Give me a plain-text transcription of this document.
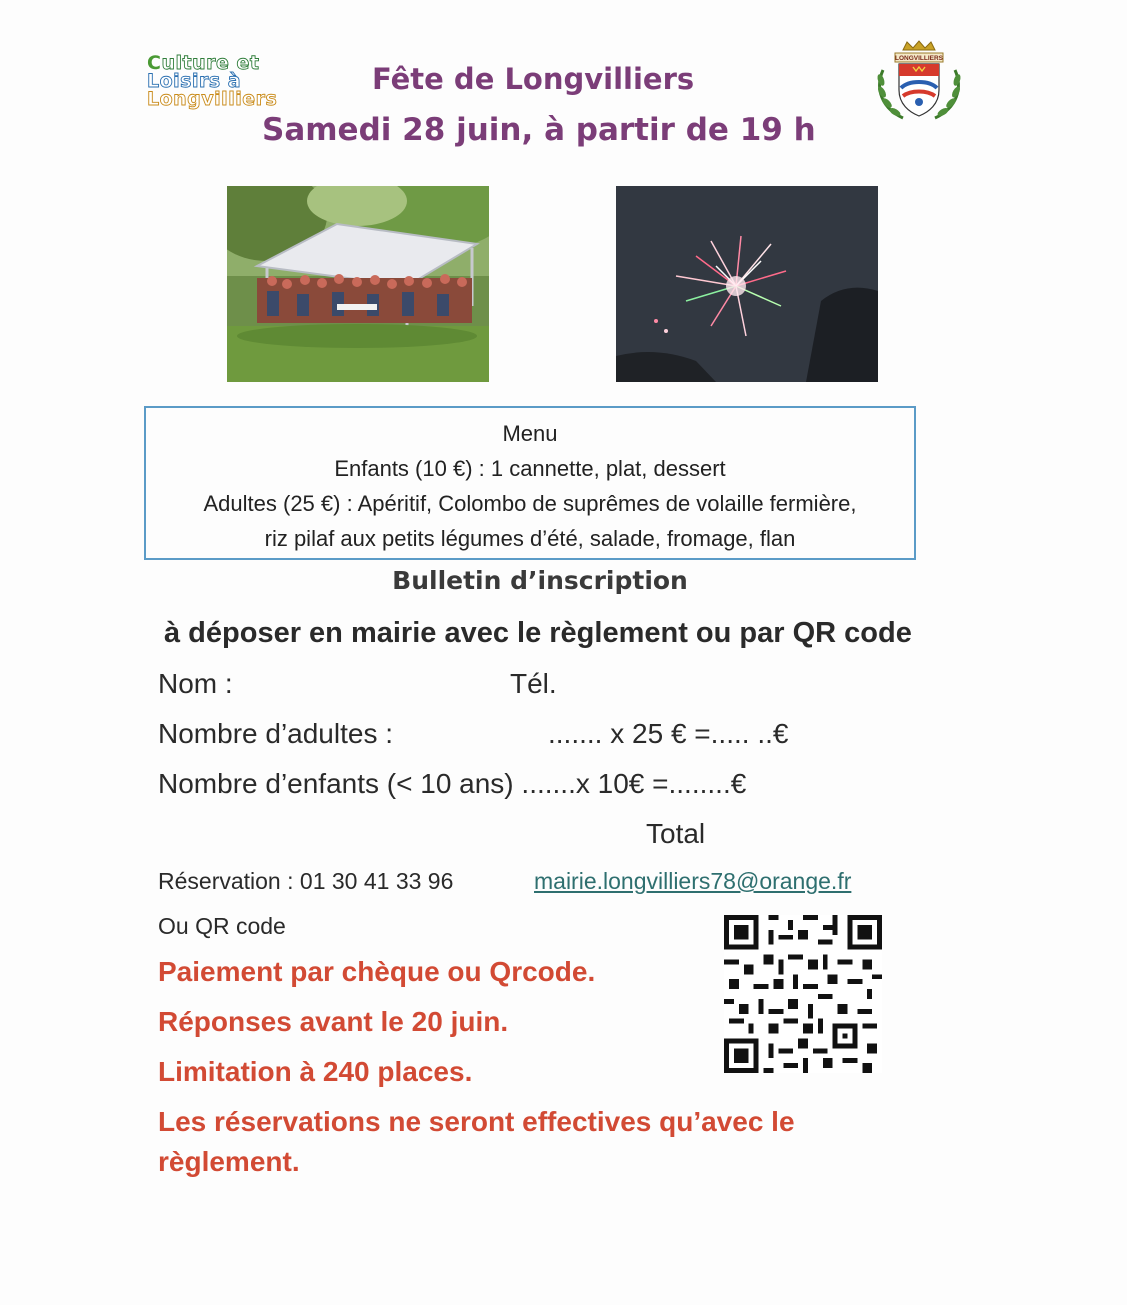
Culture et
Loisirs à
Longvilliers
Fête de Longvilliers
Samedi 28 juin, à partir de 19 h
LONGVILLIERS
Menu
Enfants (10 €) : 1 cannette, plat, dessert
Adultes (25 €) : Apéritif, Colombo de suprêmes de volaille fermière,
riz pilaf aux petits légumes d’été, salade, fromage, flan
Bulletin d’inscription
à déposer en mairie avec le règlement ou par QR code
Nom :	Tél.
Nombre d’adultes :	....... x 25 € =..... ..€
Nombre d’enfants (< 10 ans) .......x 10€ =........€
Total
Réservation : 01 30 41 33 96	mairie.longvilliers78@orange.fr
Ou QR code
Paiement par chèque ou Qrcode.
Réponses avant le 20 juin.
Limitation à 240 places.
Les réservations ne seront effectives qu’avec le
règlement.
